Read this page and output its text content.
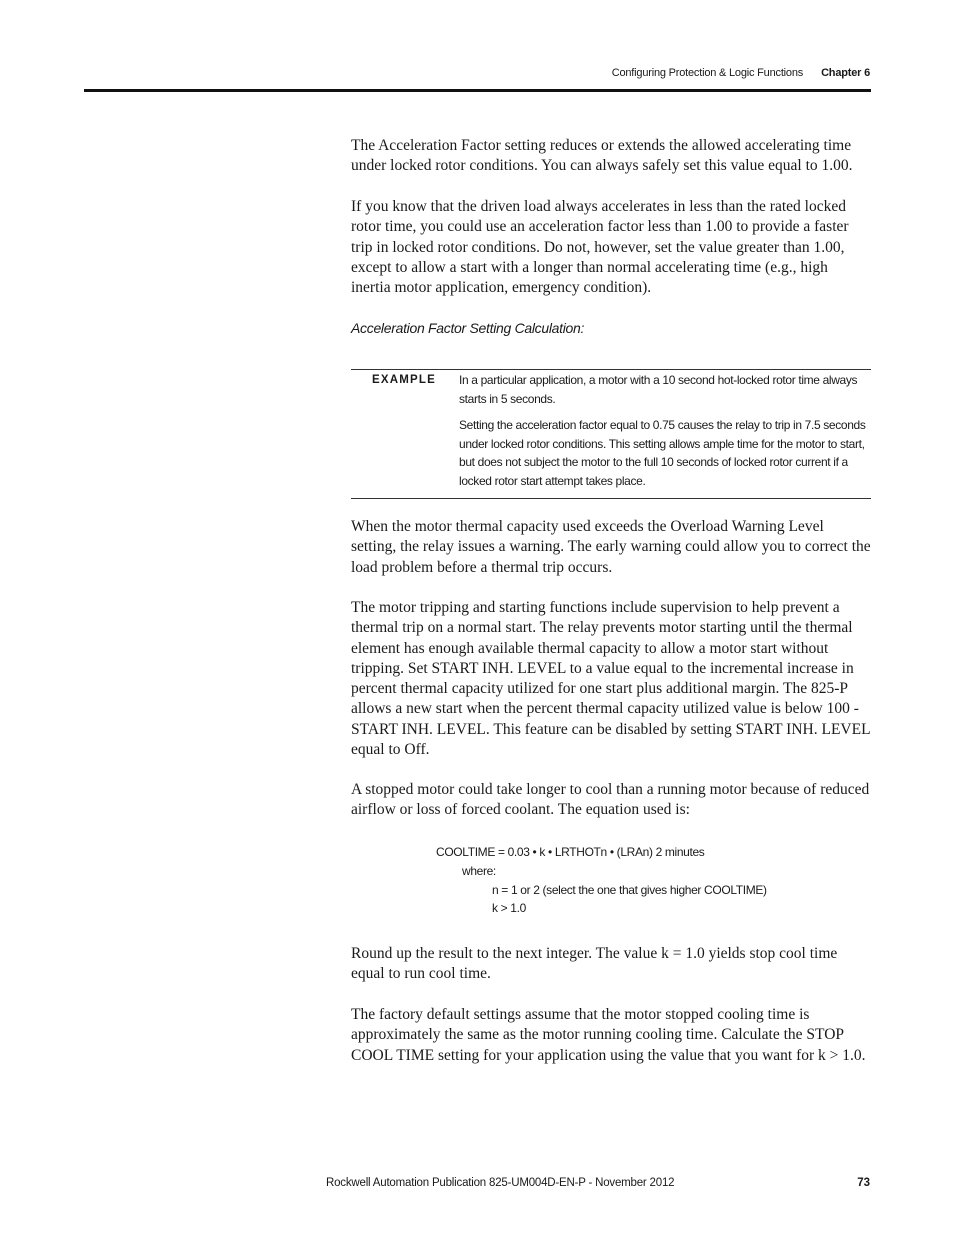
Configuring Protection & Logic Functions Chapter 6

The Acceleration Factor setting reduces or extends the allowed accelerating time under locked rotor conditions. You can always safely set this value equal to 1.00.

If you know that the driven load always accelerates in less than the rated locked rotor time, you could use an acceleration factor less than 1.00 to provide a faster trip in locked rotor conditions. Do not, however, set the value greater than 1.00, except to allow a start with a longer than normal accelerating time (e.g., high inertia motor application, emergency condition).

Acceleration Factor Setting Calculation:
EXAMPLE In a particular application, a motor with a 10 second hot-locked rotor time always starts in 5 seconds.

Setting the acceleration factor equal to 0.75 causes the relay to trip in 7.5 seconds under locked rotor conditions. This setting allows ample time for the motor to start, but does not subject the motor to the full 10 seconds of locked rotor current if a locked rotor start attempt takes place.

When the motor thermal capacity used exceeds the Overload Warning Level setting, the relay issues a warning. The early warning could allow you to correct the load problem before a thermal trip occurs.

The motor tripping and starting functions include supervision to help prevent a thermal trip on a normal start. The relay prevents motor starting until the thermal element has enough available thermal capacity to allow a motor start without tripping. Set START INH. LEVEL to a value equal to the incremental increase in percent thermal capacity utilized for one start plus additional margin. The 825-P allows a new start when the percent thermal capacity utilized value is below 100 - START INH. LEVEL. This feature can be disabled by setting START INH. LEVEL equal to Off.

A stopped motor could take longer to cool than a running motor because of reduced airflow or loss of forced coolant. The equation used is:

COOLTIME = 0.03 • k • LRTHOTn • (LRAn) 2 minutes
where:
n = 1 or 2 (select the one that gives higher COOLTIME)
k > 1.0

Round up the result to the next integer. The value k = 1.0 yields stop cool time equal to run cool time.

The factory default settings assume that the motor stopped cooling time is approximately the same as the motor running cooling time. Calculate the STOP COOL TIME setting for your application using the value that you want for k > 1.0.

Rockwell Automation Publication 825-UM004D-EN-P - November 2012	73
